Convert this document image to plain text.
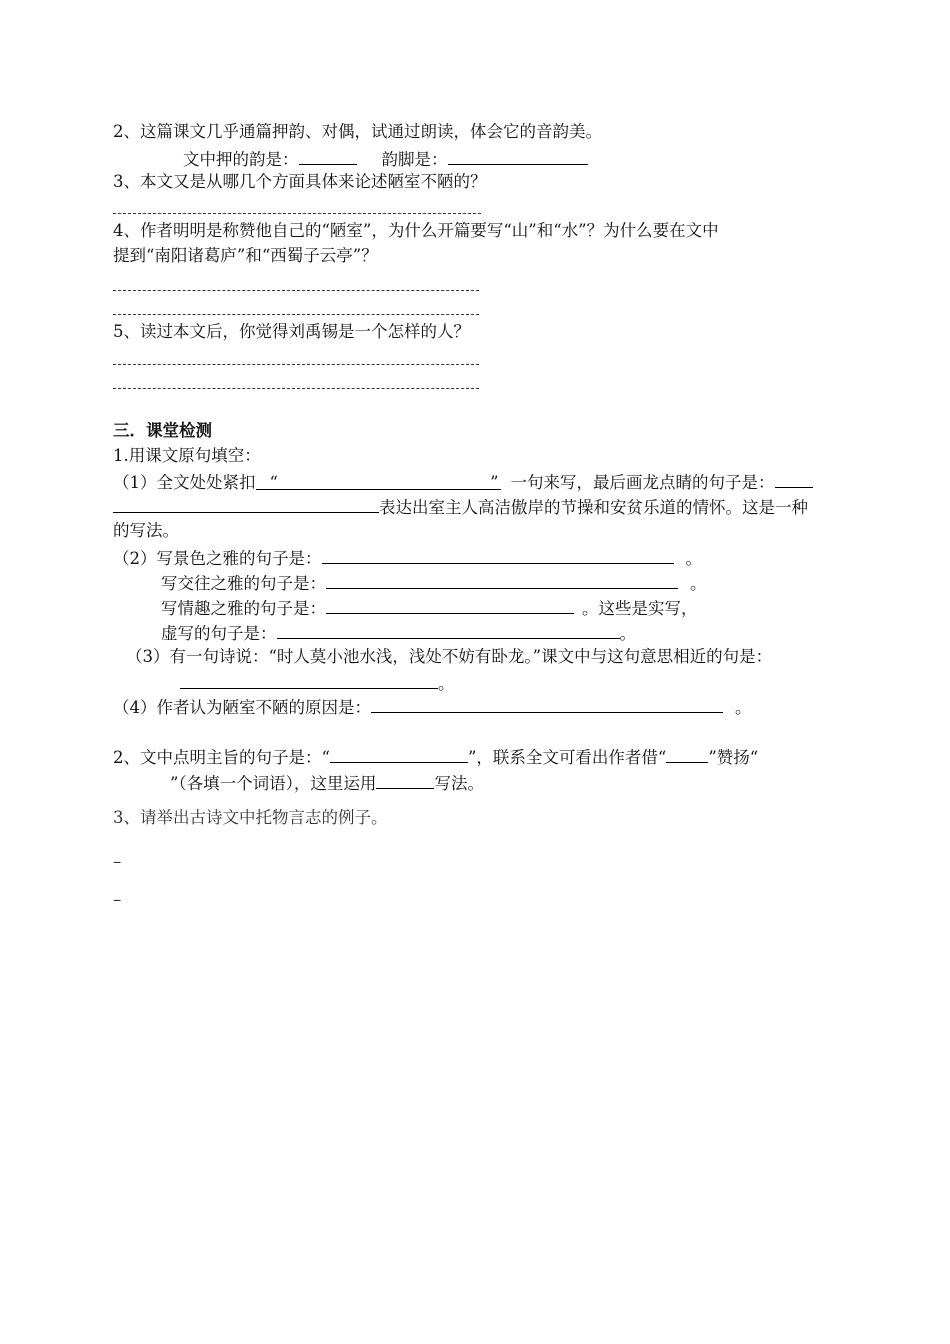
2、这篇课文几乎通篇押韵、对偶，试通过朗读，体会它的音韵美。
文中押的韵是：	韵脚是：
3、本文又是从哪几个方面具体来论述陋室不陋的？
4、作者明明是称赞他自己的“陋室”，为什么开篇要写“山”和“水”？为什么要在文中
提到“南阳诸葛庐”和“西蜀子云亭”？
5、读过本文后，你觉得刘禹锡是一个怎样的人？
三．课堂检测
1.用课文原句填空：
（1）全文处处紧扣 “	” 一句来写，最后画龙点睛的句子是：
表达出室主人高洁傲岸的节操和安贫乐道的情怀。这是一种
的写法。
（2）写景色之雅的句子是：	。
写交往之雅的句子是：	。
写情趣之雅的句子是：	。这些是实写，
虚写的句子是：	。
（3）有一句诗说：“时人莫小池水浅，浅处不妨有卧龙。”课文中与这句意思相近的句是：
。
（4）作者认为陋室不陋的原因是：	。
2、文中点明主旨的句子是：“	”，联系全文可看出作者借“	”赞扬“
”（各填一个词语），这里运用	写法。
3、请举出古诗文中托物言志的例子。
–
–
